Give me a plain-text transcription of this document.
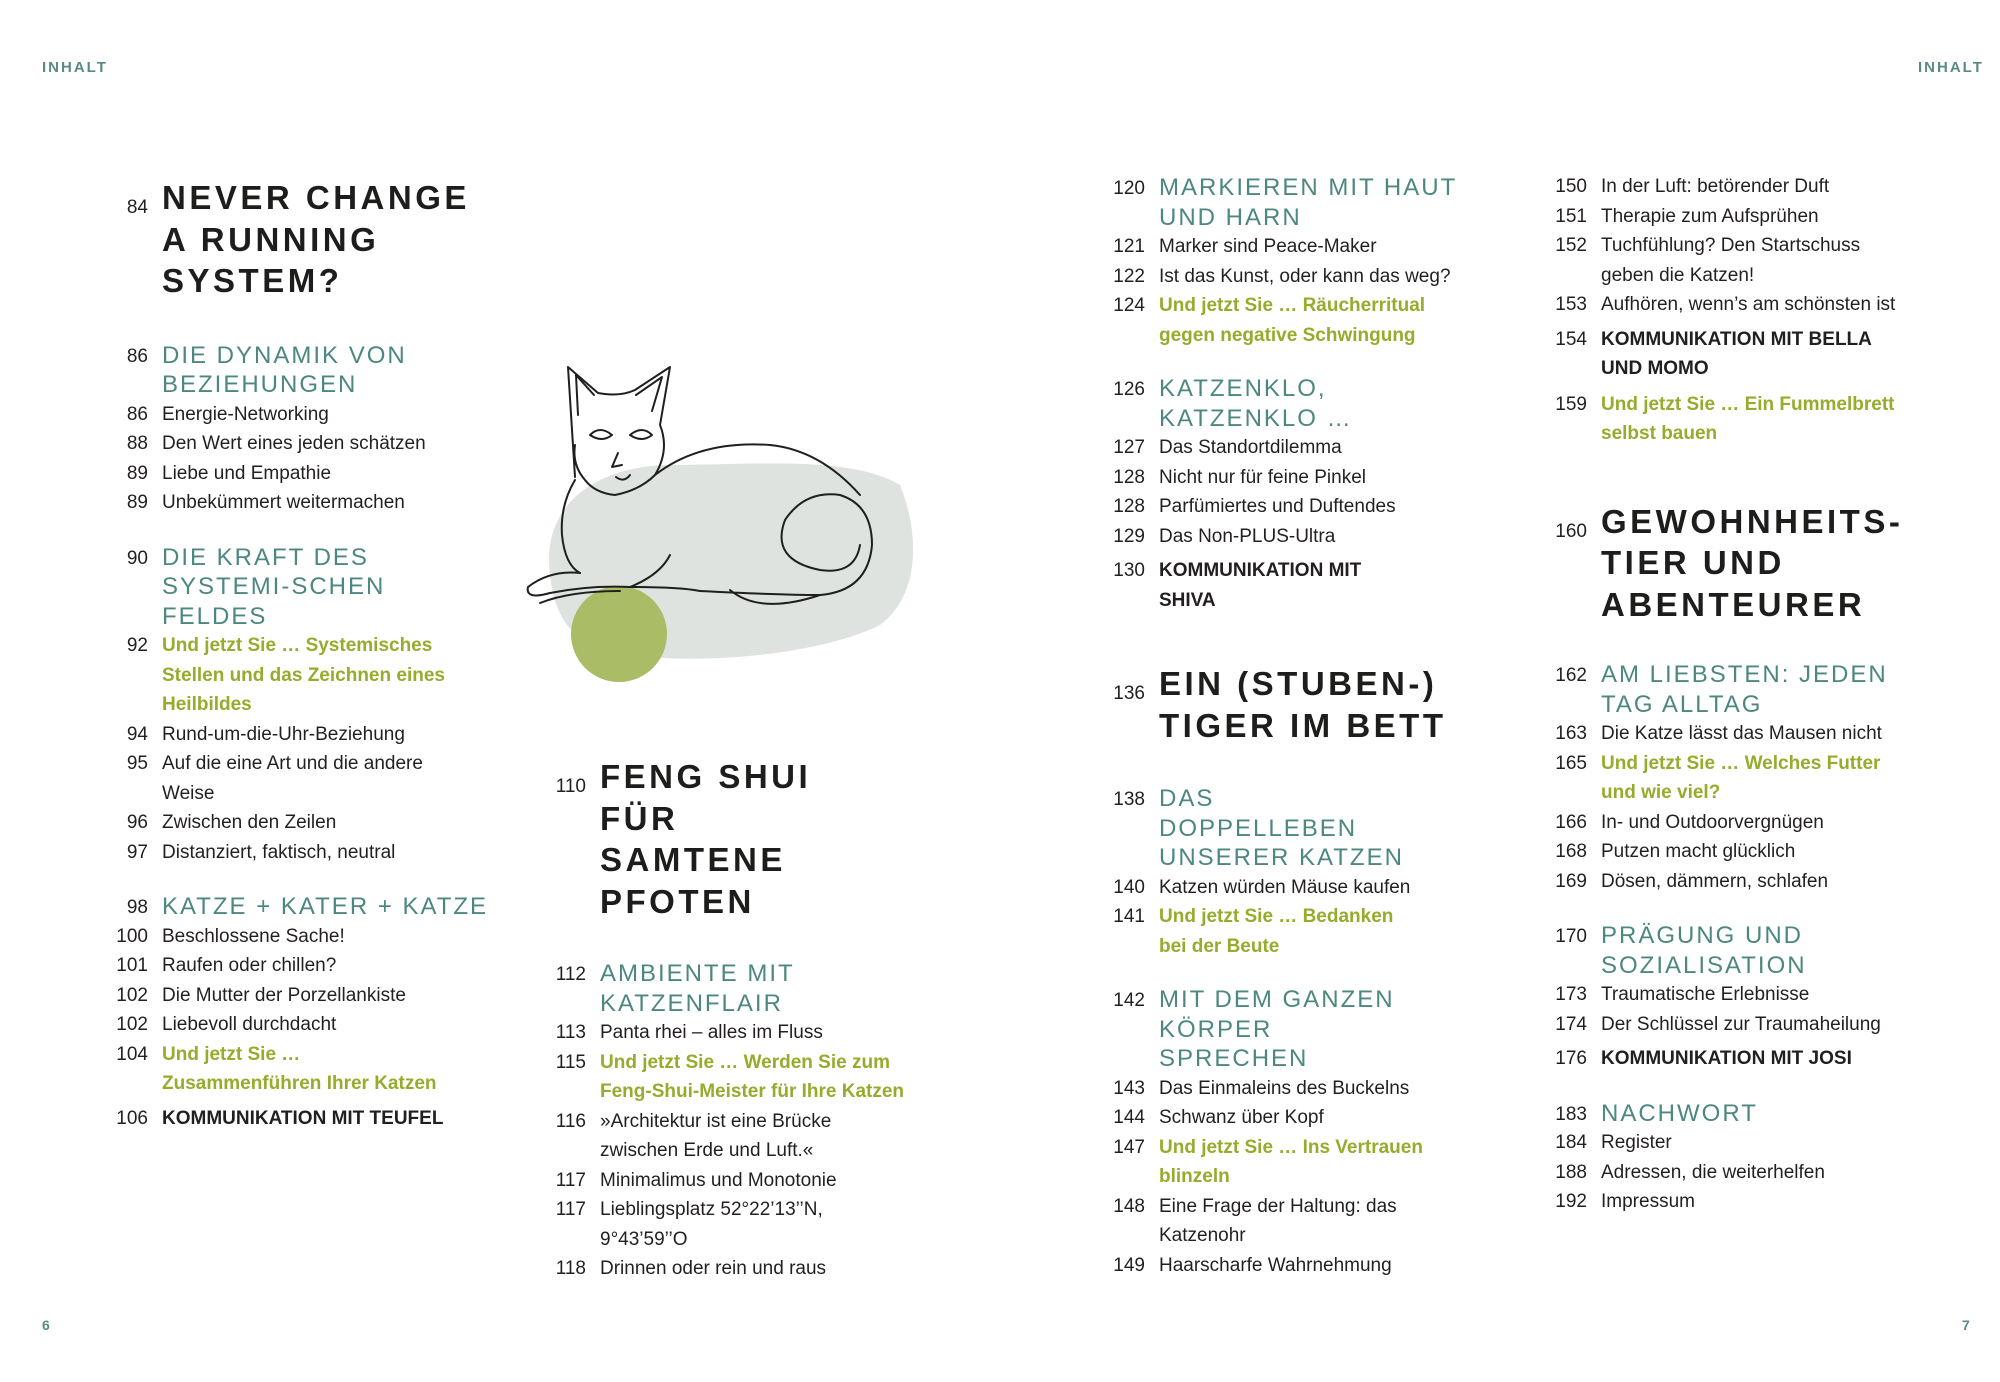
INHALT	INHALT
6	7
84 NEVER CHANGE A RUNNING SYSTEM?
86 DIE DYNAMIK VON BEZIEHUNGEN
86 Energie-Networking
88 Den Wert eines jeden schätzen
89 Liebe und Empathie
89 Unbekümmert weitermachen
90 DIE KRAFT DES SYSTEMI-SCHEN FELDES
92 Und jetzt Sie … Systemisches Stellen und das Zeichnen eines Heilbildes
94 Rund-um-die-Uhr-Beziehung
95 Auf die eine Art und die andere Weise
96 Zwischen den Zeilen
97 Distanziert, faktisch, neutral
98 KATZE + KATER + KATZE
100 Beschlossene Sache!
101 Raufen oder chillen?
102 Die Mutter der Porzellankiste
102 Liebevoll durchdacht
104 Und jetzt Sie … Zusammenführen Ihrer Katzen
106 KOMMUNIKATION MIT TEUFEL
110 FENG SHUI FÜR SAMTENE PFOTEN
112 AMBIENTE MIT KATZENFLAIR
113 Panta rhei – alles im Fluss
115 Und jetzt Sie … Werden Sie zum Feng-Shui-Meister für Ihre Katzen
116 »Architektur ist eine Brücke zwischen Erde und Luft.«
117 Minimalimus und Monotonie
117 Lieblingsplatz 52°22’13’’N, 9°43’59’’O
118 Drinnen oder rein und raus
120 MARKIEREN MIT HAUT UND HARN
121 Marker sind Peace-Maker
122 Ist das Kunst, oder kann das weg?
124 Und jetzt Sie … Räucherritual gegen negative Schwingung
126 KATZENKLO, KATZENKLO …
127 Das Standortdilemma
128 Nicht nur für feine Pinkel
128 Parfümiertes und Duftendes
129 Das Non-PLUS-Ultra
130 KOMMUNIKATION MIT SHIVA
136 EIN (STUBEN-) TIGER IM BETT
138 DAS DOPPELLEBEN UNSERER KATZEN
140 Katzen würden Mäuse kaufen
141 Und jetzt Sie … Bedanken bei der Beute
142 MIT DEM GANZEN KÖRPER SPRECHEN
143 Das Einmaleins des Buckelns
144 Schwanz über Kopf
147 Und jetzt Sie … Ins Vertrauen blinzeln
148 Eine Frage der Haltung: das Katzenohr
149 Haarscharfe Wahrnehmung
150 In der Luft: betörender Duft
151 Therapie zum Aufsprühen
152 Tuchfühlung? Den Startschuss geben die Katzen!
153 Aufhören, wenn’s am schönsten ist
154 KOMMUNIKATION MIT BELLA UND MOMO
159 Und jetzt Sie … Ein Fummelbrett selbst bauen
160 GEWOHNHEITS-TIER UND ABENTEURER
162 AM LIEBSTEN: JEDEN TAG ALLTAG
163 Die Katze lässt das Mausen nicht
165 Und jetzt Sie … Welches Futter und wie viel?
166 In- und Outdoorvergnügen
168 Putzen macht glücklich
169 Dösen, dämmern, schlafen
170 PRÄGUNG UND SOZIALISATION
173 Traumatische Erlebnisse
174 Der Schlüssel zur Traumaheilung
176 KOMMUNIKATION MIT JOSI
183 NACHWORT
184 Register
188 Adressen, die weiterhelfen
192 Impressum
